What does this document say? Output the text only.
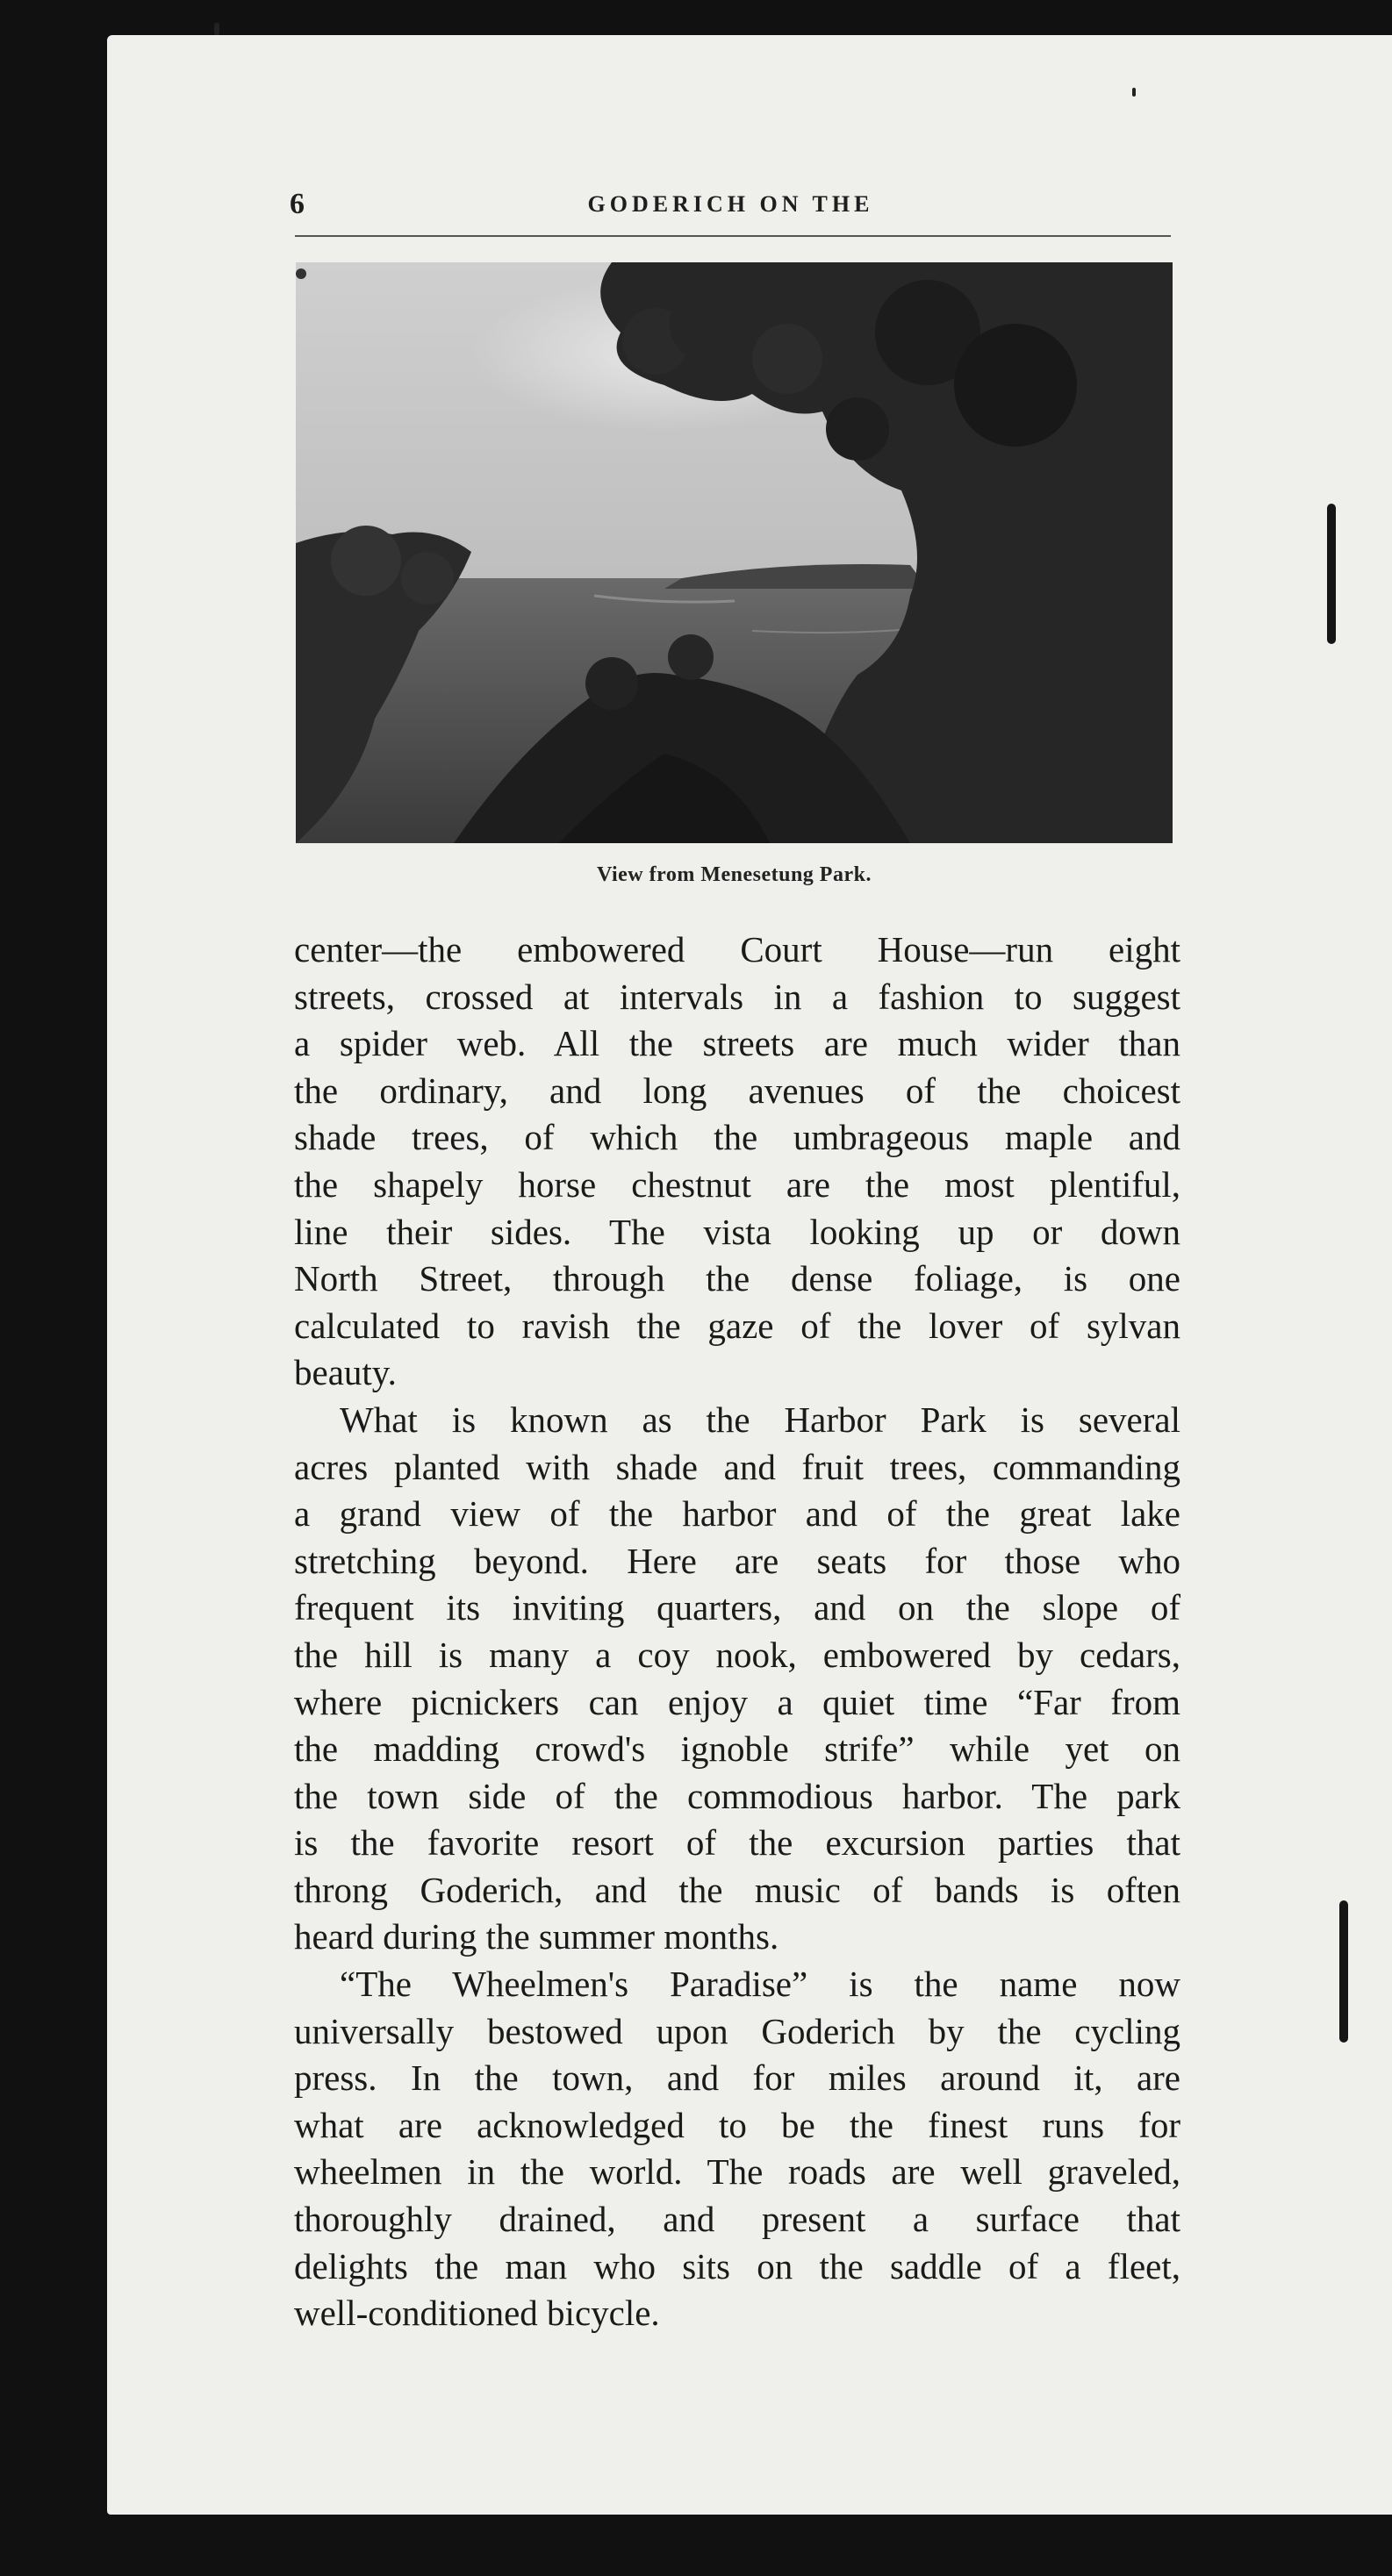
6	GODERICH ON THE
View from Menesetung Park.
center—the embowered Court House—run eight
streets, crossed at intervals in a fashion to suggest
a spider web. All the streets are much wider than
the ordinary, and long avenues of the choicest
shade trees, of which the umbrageous maple and
the shapely horse chestnut are the most plentiful,
line their sides. The vista looking up or down
North Street, through the dense foliage, is one
calculated to ravish the gaze of the lover of sylvan
beauty.
What is known as the Harbor Park is several
acres planted with shade and fruit trees, commanding
a grand view of the harbor and of the great lake
stretching beyond. Here are seats for those who
frequent its inviting quarters, and on the slope of
the hill is many a coy nook, embowered by cedars,
where picnickers can enjoy a quiet time “Far from
the madding crowd's ignoble strife” while yet on
the town side of the commodious harbor. The park
is the favorite resort of the excursion parties that
throng Goderich, and the music of bands is often
heard during the summer months.
“The Wheelmen's Paradise” is the name now
universally bestowed upon Goderich by the cycling
press. In the town, and for miles around it, are
what are acknowledged to be the finest runs for
wheelmen in the world. The roads are well graveled,
thoroughly drained, and present a surface that
delights the man who sits on the saddle of a fleet,
well-conditioned bicycle.
